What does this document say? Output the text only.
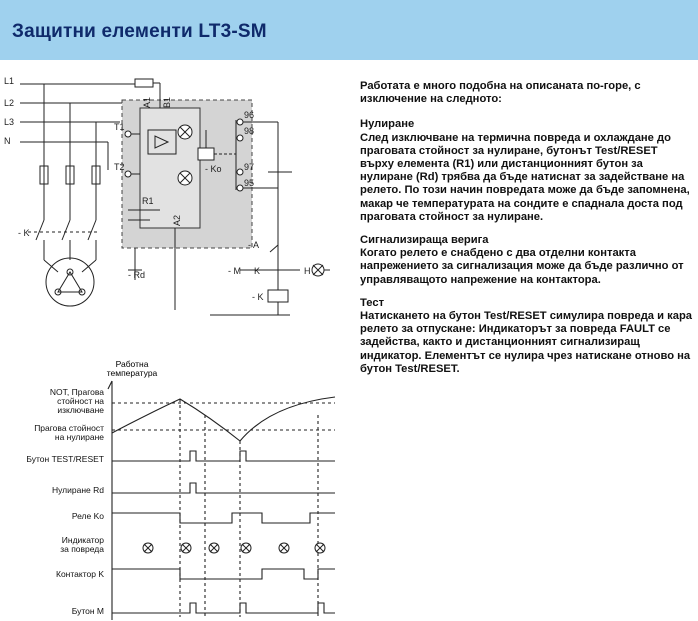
Защитни елементи LT3-SM
L1
L2
L3
N
- K
T1
T2
A1 B1
96
98
97
95
- Ko
R1
A2
- Rd
- A
- M K	H
- K

Работата е много подобна на описаната по-горе, с изключение на следното:

Нулиране

След изключване на термична повреда и охлаждане до праговата стойност за нулиране, бутонът Test/RESET върху елемента (R1) или дистанционният бутон за нулиране (Rd) трябва да бъде натиснат за задействане на релето. По този начин повредата може да бъде запомнена, макар че температурата на сондите е спаднала доста под праговата стойност за нулиране.

Сигнализираща верига

Когато релето е снабдено с два отделни контакта напрежението за сигнализация може да бъде различно от управляващото напрежение на контактора.

Тест

Натискането на бутон Test/RESET симулира повреда и кара релето за отпускане: Индикаторът за повреда FAULT се задейства, както и дистанционният сигнализиращ индикатор. Елементът се нулира чрез натискане отново на бутон Test/RESET.

Работна температура
NOT, Прагова стойност на изключване
Прагова стойност на нулиране
Бутон TEST/RESET
Нулиране Rd
Реле Ko
Индикатор за повреда
Контактор K
Бутон M
